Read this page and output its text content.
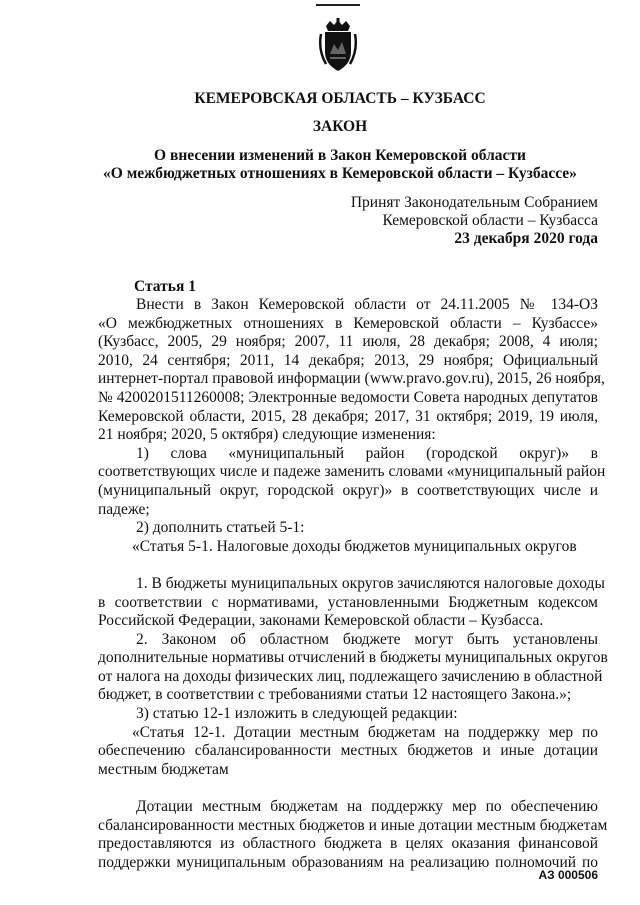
КЕМЕРОВСКАЯ ОБЛАСТЬ – КУЗБАСС
ЗАКОН
О внесении изменений в Закон Кемеровской области
«О межбюджетных отношениях в Кемеровской области – Кузбассе»
Принят Законодательным Собранием
Кемеровской области – Кузбасса
23 декабря 2020 года
Статья 1
Внести в Закон Кемеровской области от 24.11.2005 № 134-ОЗ
«О межбюджетных отношениях в Кемеровской области – Кузбассе»
(Кузбасс, 2005, 29 ноября; 2007, 11 июля, 28 декабря; 2008, 4 июля;
2010, 24 сентября; 2011, 14 декабря; 2013, 29 ноября; Официальный
интернет-портал правовой информации (www.pravo.gov.ru), 2015, 26 ноября,
№ 4200201511260008; Электронные ведомости Совета народных депутатов
Кемеровской области, 2015, 28 декабря; 2017, 31 октября; 2019, 19 июля,
21 ноября; 2020, 5 октября) следующие изменения:
1) слова «муниципальный район (городской округ)» в
соответствующих числе и падеже заменить словами «муниципальный район
(муниципальный округ, городской округ)» в соответствующих числе и
падеже;
2) дополнить статьей 5-1:
«Статья 5-1. Налоговые доходы бюджетов муниципальных округов
1. В бюджеты муниципальных округов зачисляются налоговые доходы
в соответствии с нормативами, установленными Бюджетным кодексом
Российской Федерации, законами Кемеровской области – Кузбасса.
2. Законом об областном бюджете могут быть установлены
дополнительные нормативы отчислений в бюджеты муниципальных округов
от налога на доходы физических лиц, подлежащего зачислению в областной
бюджет, в соответствии с требованиями статьи 12 настоящего Закона.»;
3) статью 12-1 изложить в следующей редакции:
«Статья 12-1. Дотации местным бюджетам на поддержку мер по
обеспечению сбалансированности местных бюджетов и иные дотации
местным бюджетам
Дотации местным бюджетам на поддержку мер по обеспечению
сбалансированности местных бюджетов и иные дотации местным бюджетам
предоставляются из областного бюджета в целях оказания финансовой
поддержки муниципальным образованиям на реализацию полномочий по
АЗ 000506
